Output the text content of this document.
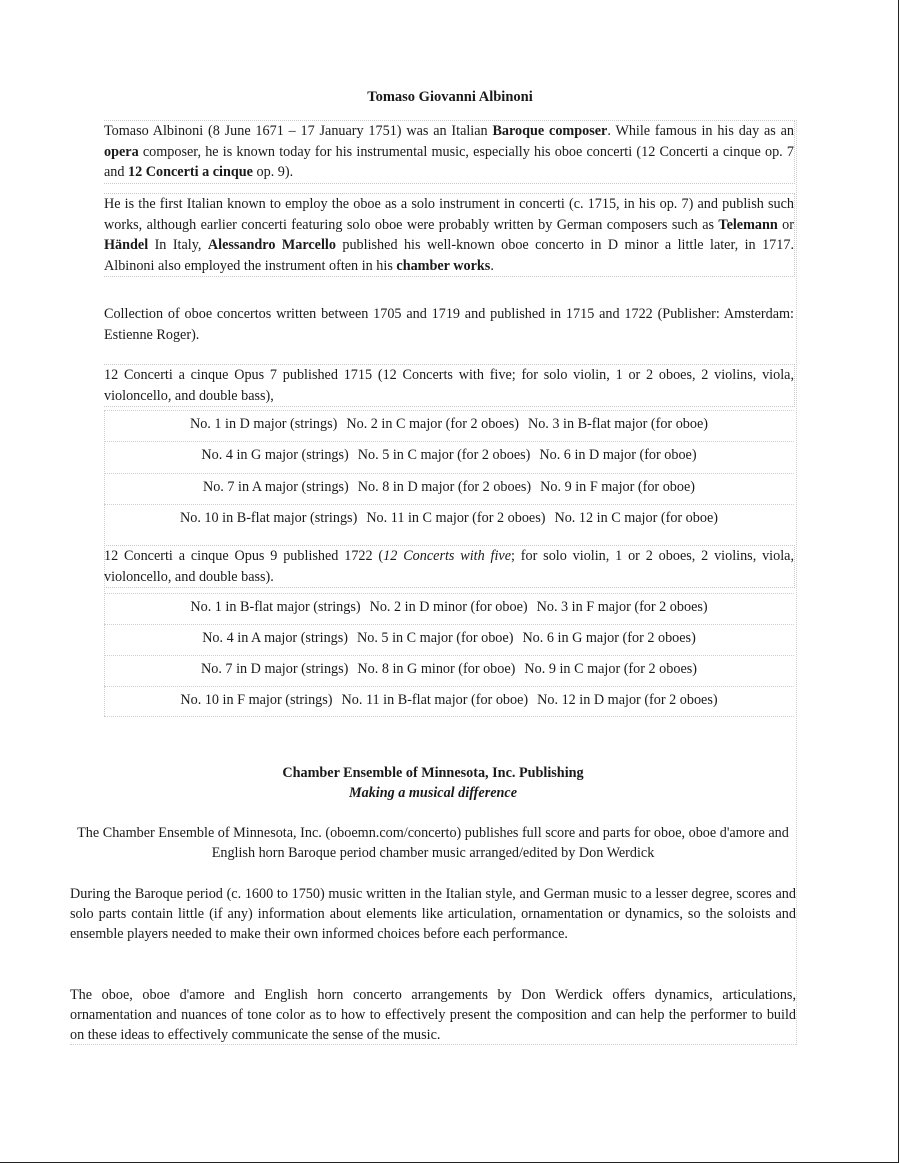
Tomaso Giovanni Albinoni
Tomaso Albinoni (8 June 1671 – 17 January 1751) was an Italian Baroque composer. While famous in his day as an opera composer, he is known today for his instrumental music, especially his oboe concerti (12 Concerti a cinque op. 7 and 12 Concerti a cinque op. 9).
He is the first Italian known to employ the oboe as a solo instrument in concerti (c. 1715, in his op. 7) and publish such works, although earlier concerti featuring solo oboe were probably written by German composers such as Telemann or Händel In Italy, Alessandro Marcello published his well-known oboe concerto in D minor a little later, in 1717. Albinoni also employed the instrument often in his chamber works.
Collection of oboe concertos written between 1705 and 1719 and published in 1715 and 1722 (Publisher: Amsterdam: Estienne Roger).
12 Concerti a cinque Opus 7 published 1715 (12 Concerts with five; for solo violin, 1 or 2 oboes, 2 violins, viola, violoncello, and double bass),
No. 1 in D major (strings) No. 2 in C major (for 2 oboes) No. 3 in B-flat major (for oboe)
No. 4 in G major (strings) No. 5 in C major (for 2 oboes) No. 6 in D major (for oboe)
No. 7 in A major (strings) No. 8 in D major (for 2 oboes) No. 9 in F major (for oboe)
No. 10 in B-flat major (strings) No. 11 in C major (for 2 oboes) No. 12 in C major (for oboe)
12 Concerti a cinque Opus 9 published 1722 (12 Concerts with five; for solo violin, 1 or 2 oboes, 2 violins, viola, violoncello, and double bass).
No. 1 in B-flat major (strings) No. 2 in D minor (for oboe) No. 3 in F major (for 2 oboes)
No. 4 in A major (strings) No. 5 in C major (for oboe) No. 6 in G major (for 2 oboes)
No. 7 in D major (strings) No. 8 in G minor (for oboe) No. 9 in C major (for 2 oboes)
No. 10 in F major (strings) No. 11 in B-flat major (for oboe) No. 12 in D major (for 2 oboes)
Chamber Ensemble of Minnesota, Inc. Publishing
Making a musical difference
The Chamber Ensemble of Minnesota, Inc. (oboemn.com/concerto) publishes full score and parts for oboe, oboe d'amore and English horn Baroque period chamber music arranged/edited by Don Werdick
During the Baroque period (c. 1600 to 1750) music written in the Italian style, and German music to a lesser degree, scores and solo parts contain little (if any) information about elements like articulation, ornamentation or dynamics, so the soloists and ensemble players needed to make their own informed choices before each performance.
The oboe, oboe d'amore and English horn concerto arrangements by Don Werdick offers dynamics, articulations, ornamentation and nuances of tone color as to how to effectively present the composition and can help the performer to build on these ideas to effectively communicate the sense of the music.
